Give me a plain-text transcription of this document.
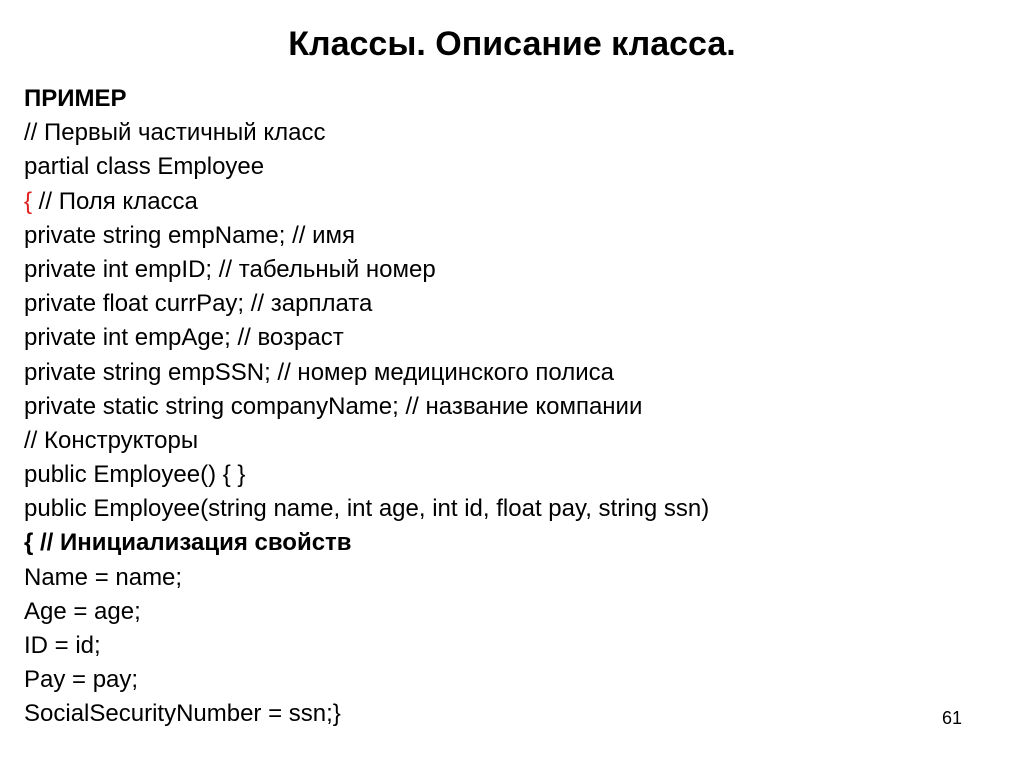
Классы. Описание класса.
ПРИМЕР
// Первый частичный класс
partial class Employee
{ // Поля класса
private string empName; // имя
private int empID; // табельный номер
private float currPay; // зарплата
private int empAge; // возраст
private string empSSN; // номер медицинского полиса
private static string companyName; // название компании
// Конструкторы
public Employee() { }
public Employee(string name, int age, int id, float pay, string ssn)
{ // Инициализация свойств
Name = name;
Age = age;
ID = id;
Pay = pay;
SocialSecurityNumber = ssn;}	61
